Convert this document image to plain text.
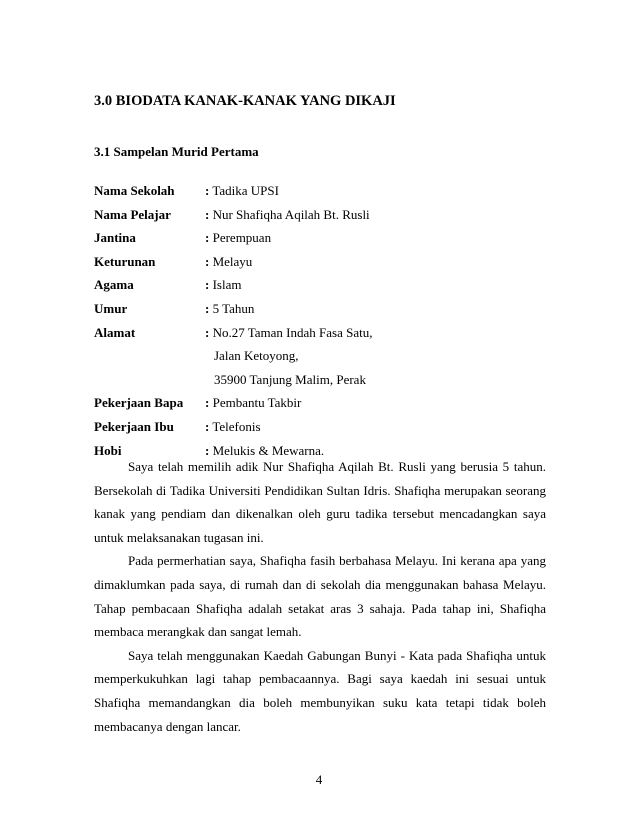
3.0 BIODATA KANAK-KANAK YANG DIKAJI
3.1 Sampelan Murid Pertama
Nama Sekolah	: Tadika UPSI
Nama Pelajar	: Nur Shafiqha Aqilah Bt. Rusli
Jantina	: Perempuan
Keturunan	: Melayu
Agama	: Islam
Umur	: 5 Tahun
Alamat	: No.27 Taman Indah Fasa Satu,
Jalan Ketoyong,
35900 Tanjung Malim, Perak
Pekerjaan Bapa	: Pembantu Takbir
Pekerjaan Ibu	: Telefonis
Hobi	: Melukis & Mewarna.

Saya telah memilih adik Nur Shafiqha Aqilah Bt. Rusli yang berusia 5 tahun. Bersekolah di Tadika Universiti Pendidikan Sultan Idris. Shafiqha merupakan seorang kanak yang pendiam dan dikenalkan oleh guru tadika tersebut mencadangkan saya untuk melaksanakan tugasan ini.

Pada permerhatian saya, Shafiqha fasih berbahasa Melayu. Ini kerana apa yang dimaklumkan pada saya, di rumah dan di sekolah dia menggunakan bahasa Melayu. Tahap pembacaan Shafiqha adalah setakat aras 3 sahaja. Pada tahap ini, Shafiqha membaca merangkak dan sangat lemah.

Saya telah menggunakan Kaedah Gabungan Bunyi - Kata pada Shafiqha untuk memperkukuhkan lagi tahap pembacaannya. Bagi saya kaedah ini sesuai untuk Shafiqha memandangkan dia boleh membunyikan suku kata tetapi tidak boleh membacanya dengan lancar.

4
